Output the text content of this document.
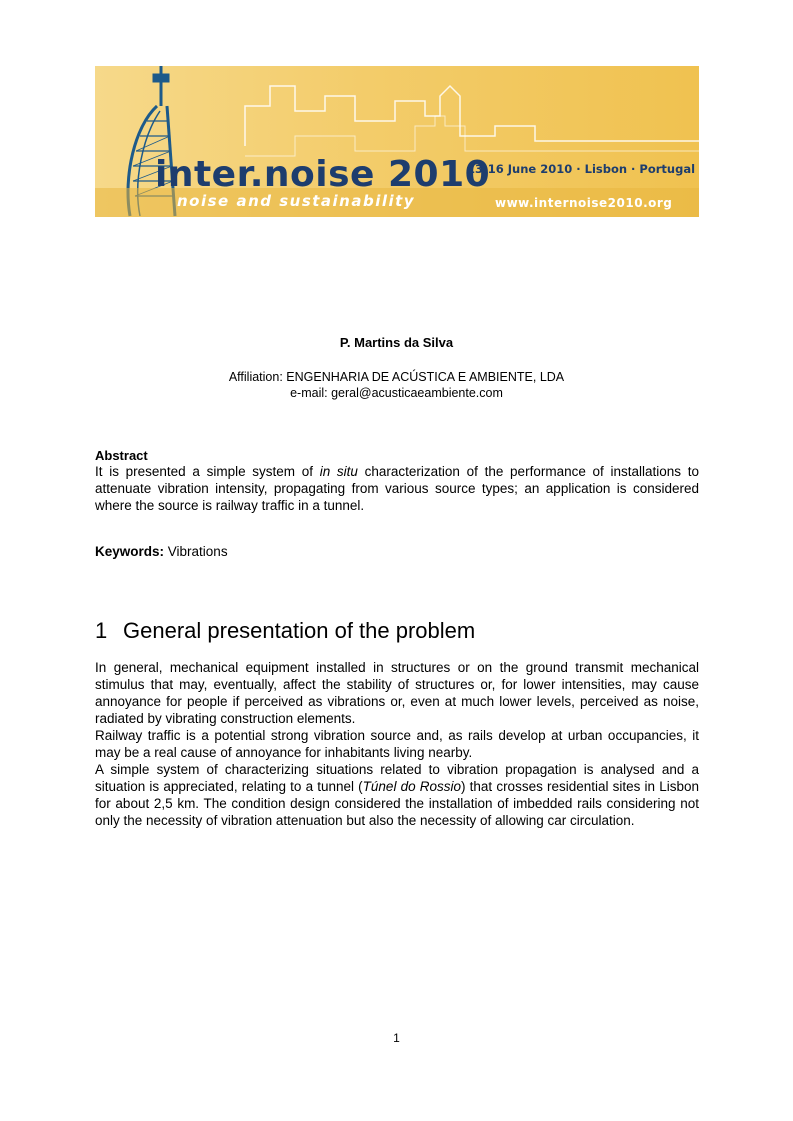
inter.noise 2010
noise and sustainability
13-16 June 2010 · Lisbon · Portugal
www.internoise2010.org
P. Martins da Silva
Affiliation: ENGENHARIA DE ACÚSTICA E AMBIENTE, LDA
e-mail: geral@acusticaeambiente.com
Abstract
It is presented a simple system of in situ characterization of the performance of installations to attenuate vibration intensity, propagating from various source types; an application is considered where the source is railway traffic in a tunnel.
Keywords: Vibrations
1 General presentation of the problem
In general, mechanical equipment installed in structures or on the ground transmit mechanical stimulus that may, eventually, affect the stability of structures or, for lower intensities, may cause annoyance for people if perceived as vibrations or, even at much lower levels, perceived as noise, radiated by vibrating construction elements.
Railway traffic is a potential strong vibration source and, as rails develop at urban occupancies, it may be a real cause of annoyance for inhabitants living nearby.
A simple system of characterizing situations related to vibration propagation is analysed and a situation is appreciated, relating to a tunnel (Túnel do Rossio) that crosses residential sites in Lisbon for about 2,5 km. The condition design considered the installation of imbedded rails considering not only the necessity of vibration attenuation but also the necessity of allowing car circulation.
1
